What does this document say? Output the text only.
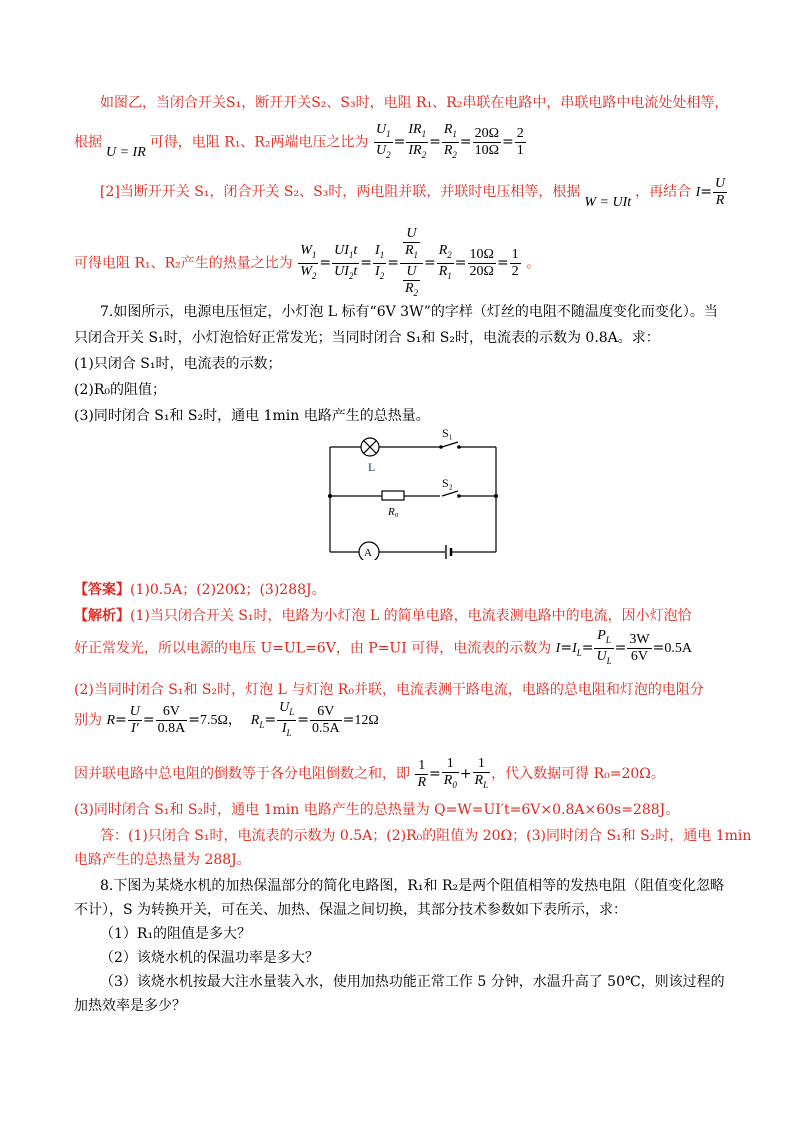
如图乙，当闭合开关S₁，断开开关S₂、S₃时，电阻 R₁、R₂串联在电路中，串联电路中电流处处相等，
根据U = IR可得，电阻 R₁、R₂两端电压之比为 $\frac{U_1}{U_2} = \frac{IR_1}{IR_2} = \frac{R_1}{R_2} = \frac{20\Omega}{10\Omega} = \frac{2}{1}$
[2]当断开开关 S₁，闭合开关 S₂、S₃时，两电阻并联，并联时电压相等，根据W = UIt，再结合 $I= \frac{U}{R}$
可得电阻 R₁、R₂产生的热量之比为 $\frac{W_1}{W_2} = \frac{UI_1t}{UI_2t} = \frac{I_1}{I_2} = \frac{\frac{U}{R_1}}{\frac{U}{R_2}} = \frac{R_2}{R_1} = \frac{10\Omega}{20\Omega} = \frac{1}{2}$ 。
7.如图所示，电源电压恒定，小灯泡 L 标有“6V 3W”的字样（灯丝的电阻不随温度变化而变化）。当
只闭合开关 S₁时，小灯泡恰好正常发光；当同时闭合 S₁和 S₂时，电流表的示数为 0.8A。求：
(1)只闭合 S₁时，电流表的示数；
(2)R₀的阻值；
(3)同时闭合 S₁和 S₂时，通电 1min 电路产生的总热量。
L
S₁
S₂
R₀
A
【答案】(1)0.5A；(2)20Ω；(3)288J。
【解析】(1)当只闭合开关 S₁时，电路为小灯泡 L 的简单电路，电流表测电路中的电流，因小灯泡恰
好正常发光，所以电源的电压 U=UL=6V，由 P=UI 可得，电流表的示数为 $I=I_L= \frac{P_L}{U_L} = \frac{3W}{6V} =0.5A$
(2)当同时闭合 S₁和 S₂时，灯泡 L 与灯泡 R₀并联，电流表测干路电流，电路的总电阻和灯泡的电阻分
别为 $R= \frac{U}{I'} = \frac{6V}{0.8A} =7.5\Omega$，  $R_L= \frac{U_L}{I_L} = \frac{6V}{0.5A} =12\Omega$
因并联电路中总电阻的倒数等于各分电阻倒数之和，即 $\frac{1}{R} = \frac{1}{R_0} + \frac{1}{R_L}$ ，代入数据可得 R₀=20Ω。
(3)同时闭合 S₁和 S₂时，通电 1min 电路产生的总热量为 Q=W=UI′t=6V×0.8A×60s=288J。
答：(1)只闭合 S₁时，电流表的示数为 0.5A；(2)R₀的阻值为 20Ω；(3)同时闭合 S₁和 S₂时，通电 1min
电路产生的总热量为 288J。
8.下图为某烧水机的加热保温部分的简化电路图，R₁和 R₂是两个阻值相等的发热电阻（阻值变化忽略
不计），S 为转换开关，可在关、加热、保温之间切换，其部分技术参数如下表所示，求：
（1）R₁的阻值是多大？
（2）该烧水机的保温功率是多大？
（3）该烧水机按最大注水量装入水，使用加热功能正常工作 5 分钟，水温升高了 50℃，则该过程的
加热效率是多少？
